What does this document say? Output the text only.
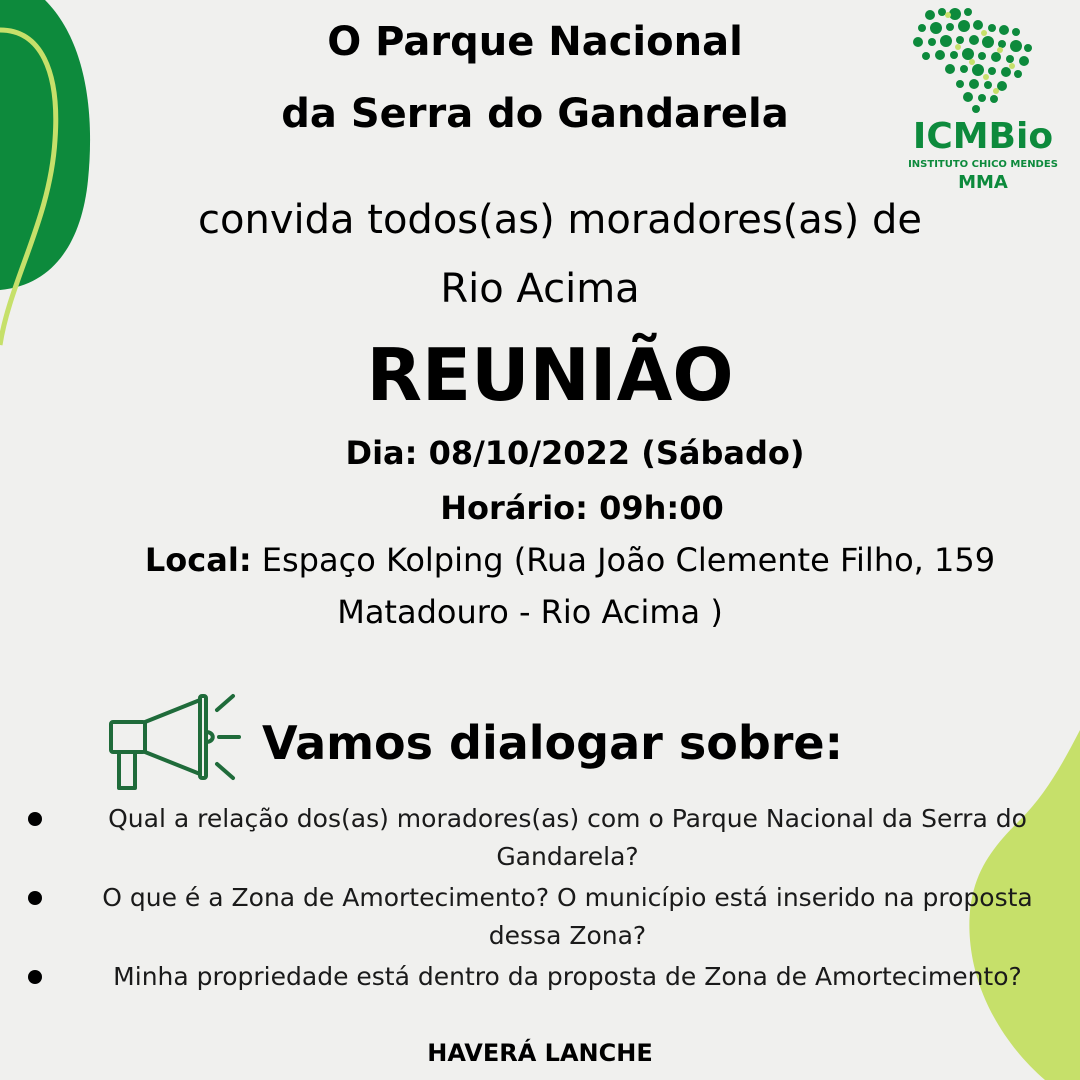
ICMBio
INSTITUTO CHICO MENDES
MMA
O Parque Nacional
da Serra do Gandarela
convida todos(as) moradores(as) de
Rio Acima
REUNIÃO
Dia: 08/10/2022 (Sábado)
Horário: 09h:00
Local: Espaço Kolping (Rua João Clemente Filho, 159
Matadouro - Rio Acima )
Vamos dialogar sobre:
Qual a relação dos(as) moradores(as) com o Parque Nacional da Serra do
Gandarela?
O que é a Zona de Amortecimento? O município está inserido na proposta
dessa Zona?
Minha propriedade está dentro da proposta de Zona de Amortecimento?
HAVERÁ LANCHE
